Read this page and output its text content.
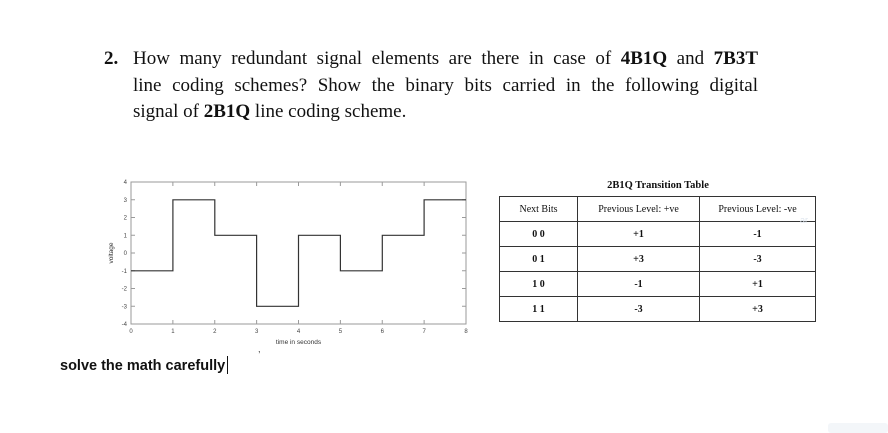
2. How many redundant signal elements are there in case of 4B1Q and 7B3T
line coding schemes? Show the binary bits carried in the following digital
signal of 2B1Q line coding scheme.
0	1	2	3	4	5	6	7	8
-4
-3
-2
-1
0
1
2
3
4
time in seconds
voltage
2B1Q Transition Table
Next Bits	Previous Level: +ve	Previous Level: -ve
0 0	+1	-1
0 1	+3	-3
1 0	-1	+1
1 1	-3	+3
ar
,
solve the math carefully
